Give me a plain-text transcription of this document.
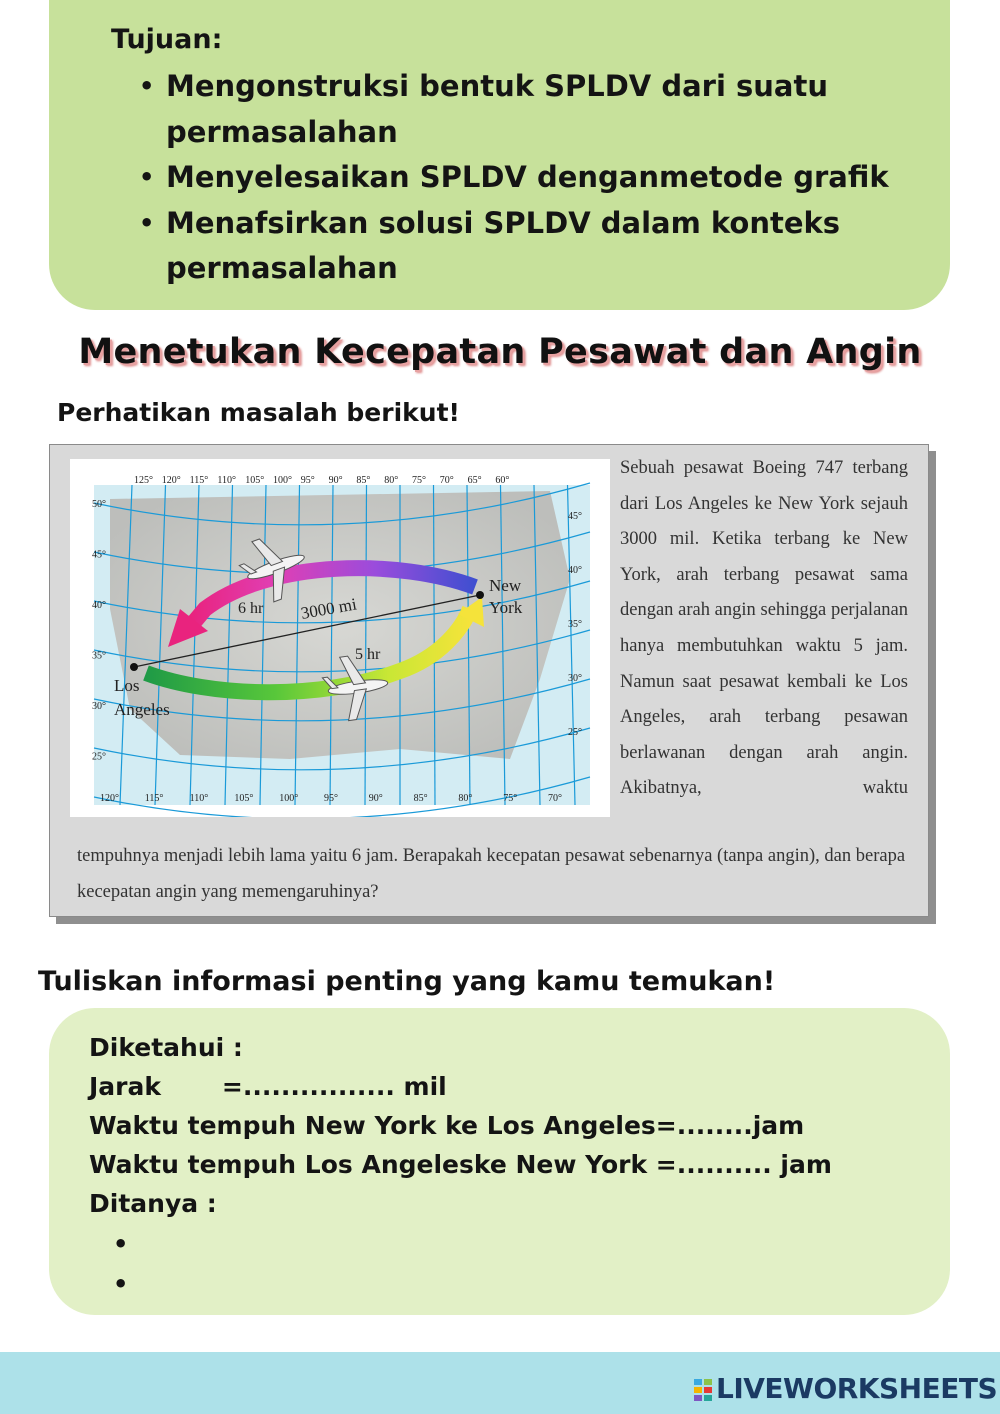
Tujuan:
• Mengonstruksi bentuk SPLDV dari suatu permasalahan
• Menyelesaikan SPLDV denganmetode grafik
• Menafsirkan solusi SPLDV dalam konteks permasalahan
Menetukan Kecepatan Pesawat dan Angin
Perhatikan masalah berikut!
125° 120° 115° 110° 105° 100° 95° 90° 85° 80° 75° 70° 65° 60°
120°	115°	110°	105°	100°	95°	90°	85°	80°	75°	70°
50°
45°
40°
35°
30°
25°
45°
40°
35°
30°
25°
3000 mi
6 hr
5 hr
New
York
Los
Angeles
Sebuah pesawat Boeing 747 terbang dari Los Angeles ke New York sejauh 3000 mil. Ketika terbang ke New York, arah terbang pesawat sama dengan arah angin sehingga perjalanan hanya membutuhkan waktu 5 jam. Namun saat pesawat kembali ke Los Angeles, arah terbang pesawan berlawanan dengan arah angin. Akibatnya, waktu
tempuhnya menjadi lebih lama yaitu 6 jam. Berapakah kecepatan pesawat sebenarnya (tanpa angin), dan berapa kecepatan angin yang memengaruhinya?
Tuliskan informasi penting yang kamu temukan!
Diketahui :
Jarak       =................ mil
Waktu tempuh New York ke Los Angeles=........jam
Waktu tempuh Los Angeleske New York =.......... jam
Ditanya :
•
•
LIVEWORKSHEETS
